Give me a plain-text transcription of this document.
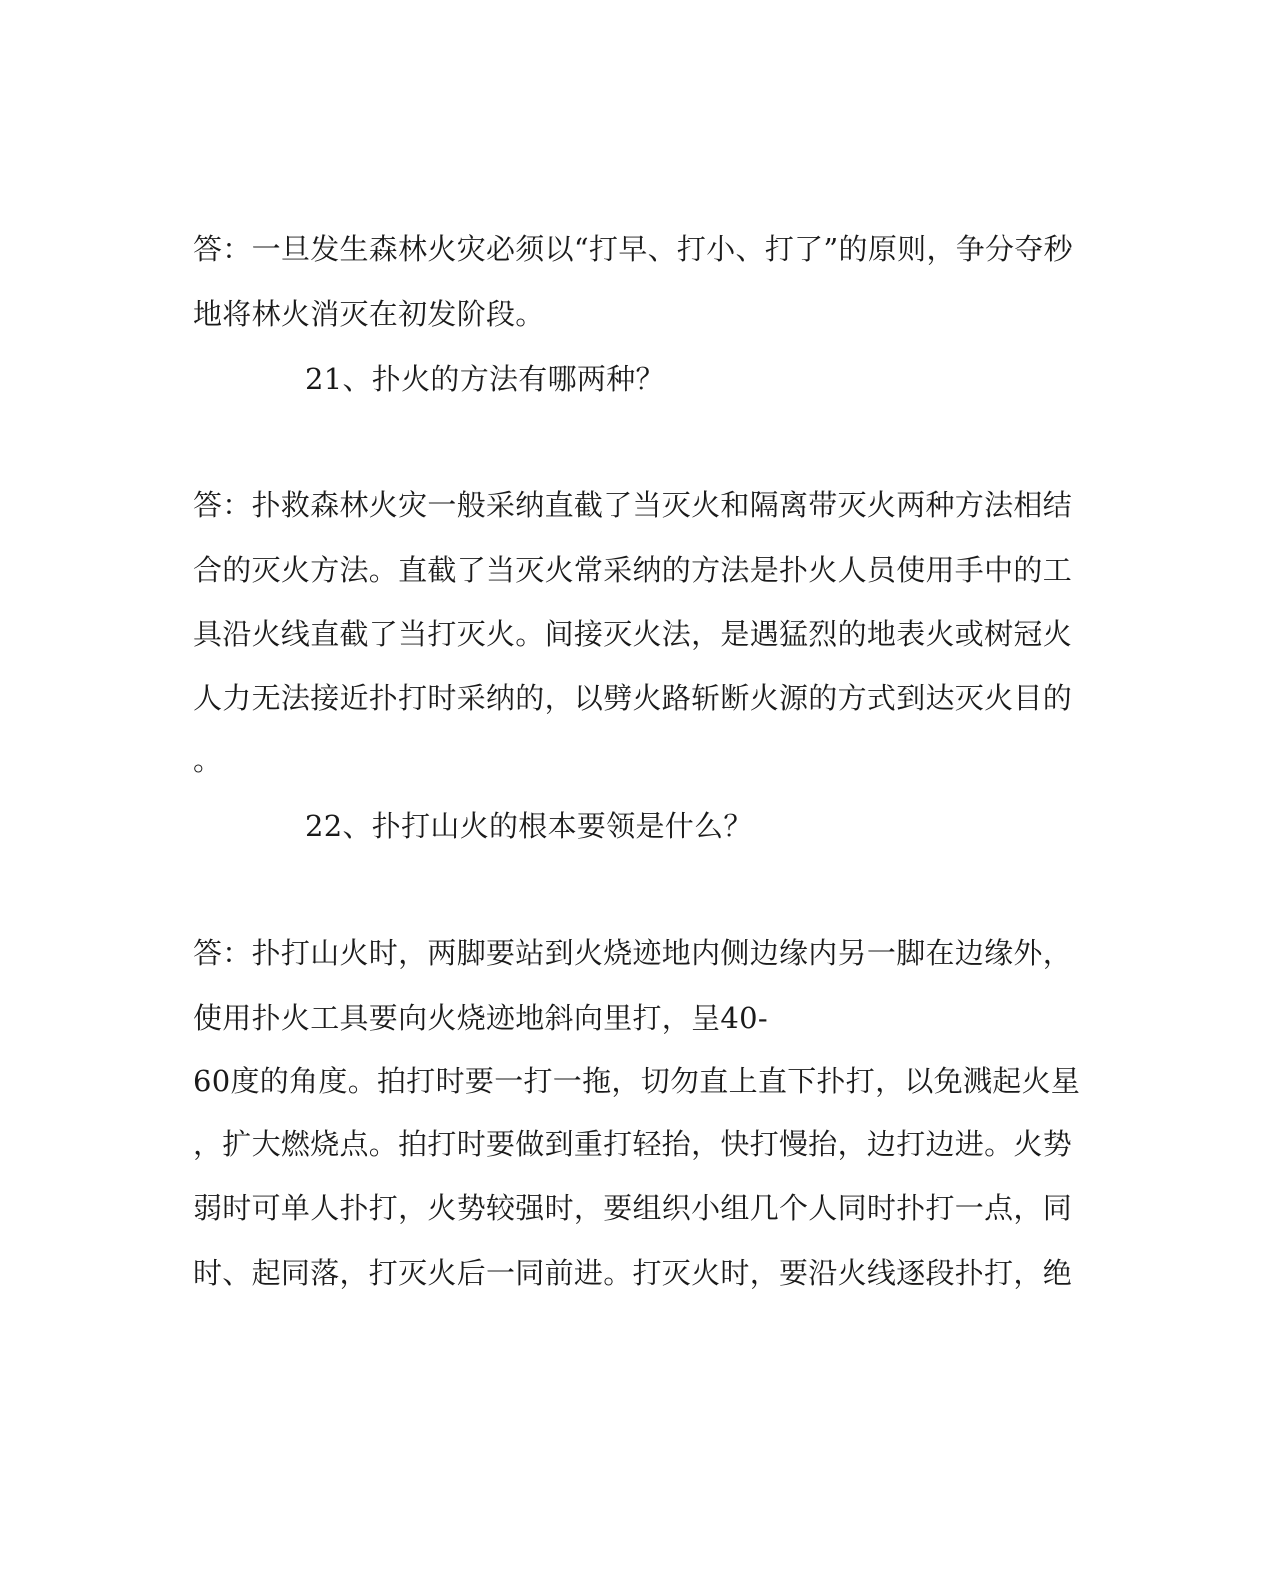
答：一旦发生森林火灾必须以“打早、打小、打了”的原则，争分夺秒
地将林火消灭在初发阶段。
21、扑火的方法有哪两种？
答：扑救森林火灾一般采纳直截了当灭火和隔离带灭火两种方法相结
合的灭火方法。直截了当灭火常采纳的方法是扑火人员使用手中的工
具沿火线直截了当打灭火。间接灭火法，是遇猛烈的地表火或树冠火
人力无法接近扑打时采纳的，以劈火路斩断火源的方式到达灭火目的
。
22、扑打山火的根本要领是什么？
答：扑打山火时，两脚要站到火烧迹地内侧边缘内另一脚在边缘外，
使用扑火工具要向火烧迹地斜向里打，呈40-
60度的角度。拍打时要一打一拖，切勿直上直下扑打，以免溅起火星
，扩大燃烧点。拍打时要做到重打轻抬，快打慢抬，边打边进。火势
弱时可单人扑打，火势较强时，要组织小组几个人同时扑打一点，同
时、起同落，打灭火后一同前进。打灭火时，要沿火线逐段扑打，绝
